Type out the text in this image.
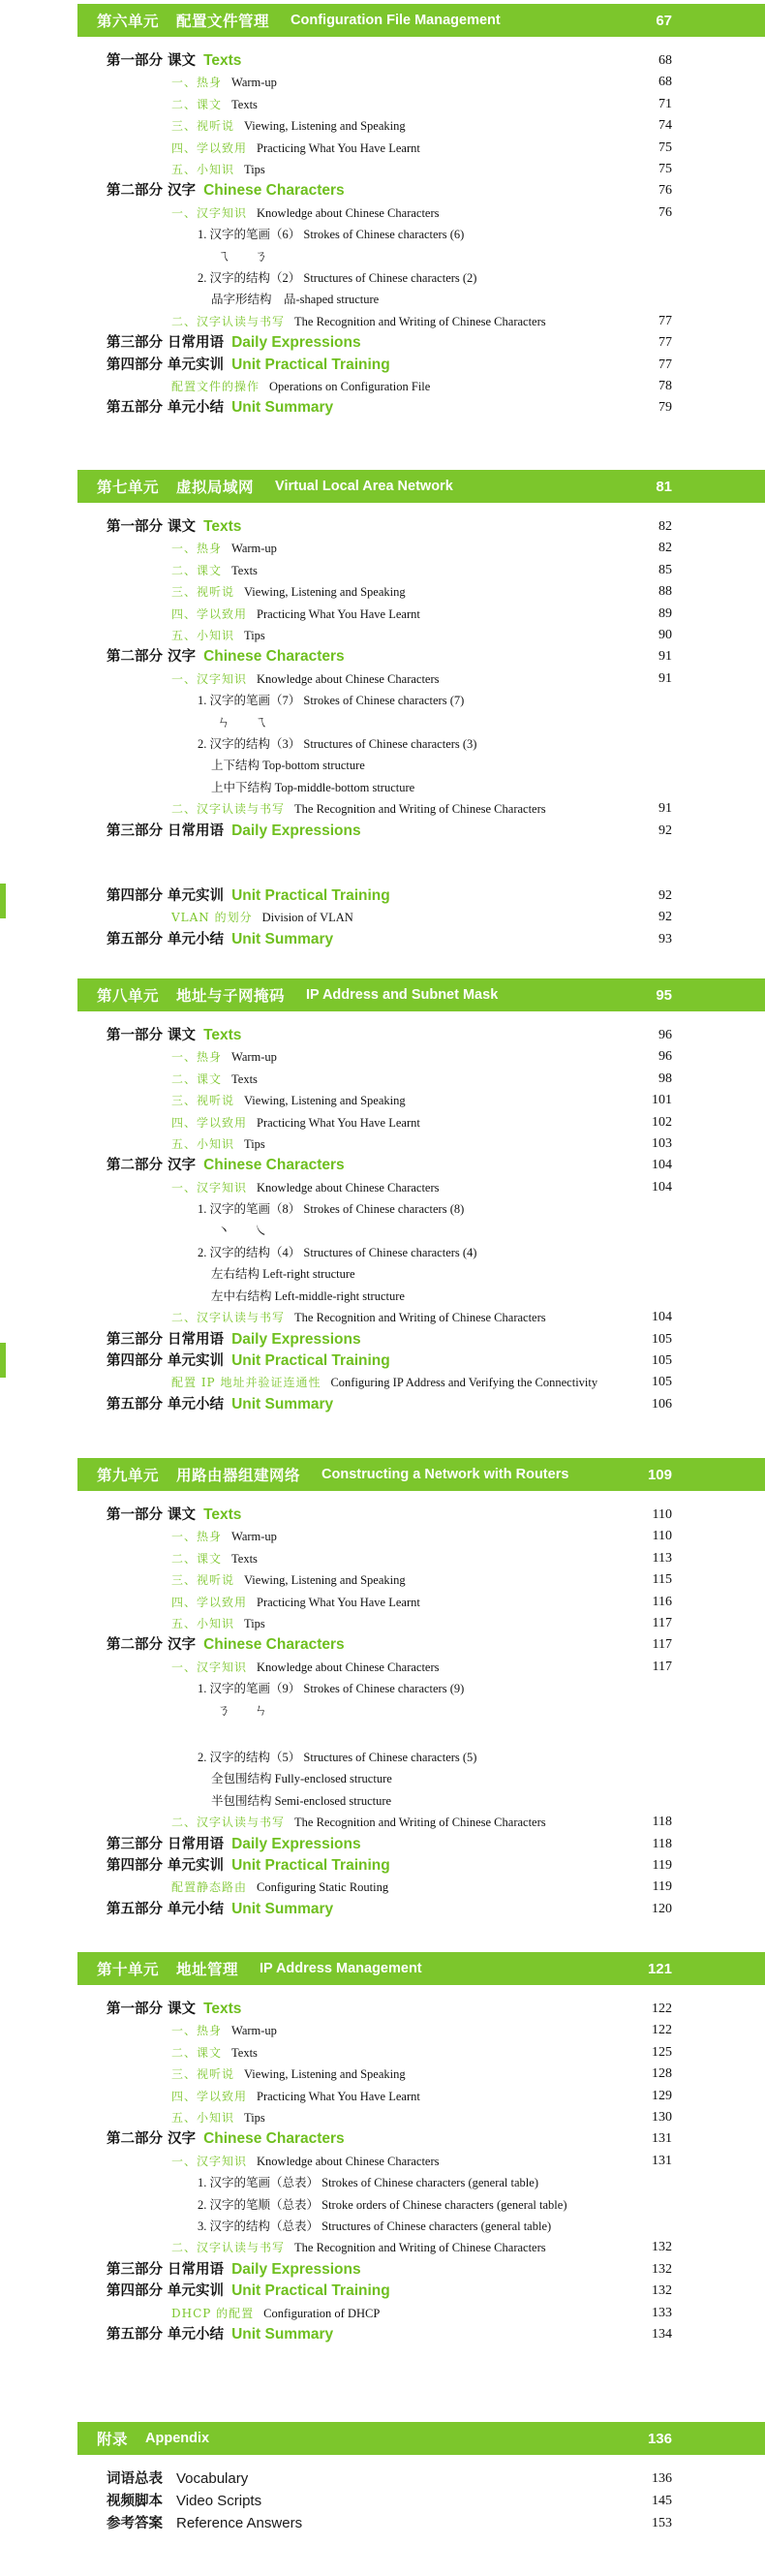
第六单元 配置文件管理 Configuration File Management	67
第一部分 课文 Texts	68
一、热身 Warm-up	68
二、课文 Texts	71
三、视听说 Viewing, Listening and Speaking	74
四、学以致用 Practicing What You Have Learnt	75
五、小知识 Tips	75
第二部分 汉字 Chinese Characters	76
一、汉字知识 Knowledge about Chinese Characters	76
1. 汉字的笔画（6） Strokes of Chinese characters (6)
ㄟ ㄋ
2. 汉字的结构（2） Structures of Chinese characters (2)
品字形结构　品-shaped structure
二、汉字认读与书写 The Recognition and Writing of Chinese Characters	77
第三部分 日常用语 Daily Expressions	77
第四部分 单元实训 Unit Practical Training	77
配置文件的操作 Operations on Configuration File	78
第五部分 单元小结 Unit Summary	79
第七单元 虚拟局域网 Virtual Local Area Network	81
第一部分 课文 Texts	82
一、热身 Warm-up	82
二、课文 Texts	85
三、视听说 Viewing, Listening and Speaking	88
四、学以致用 Practicing What You Have Learnt	89
五、小知识 Tips	90
第二部分 汉字 Chinese Characters	91
一、汉字知识 Knowledge about Chinese Characters	91
1. 汉字的笔画（7） Strokes of Chinese characters (7)
ㄣ ㄟ
2. 汉字的结构（3） Structures of Chinese characters (3)
上下结构 Top-bottom structure
上中下结构 Top-middle-bottom structure
二、汉字认读与书写 The Recognition and Writing of Chinese Characters	91
第三部分 日常用语 Daily Expressions	92
第四部分 单元实训 Unit Practical Training	92
VLAN 的划分 Division of VLAN	92
第五部分 单元小结 Unit Summary	93
第八单元 地址与子网掩码 IP Address and Subnet Mask	95
第一部分 课文 Texts	96
一、热身 Warm-up	96
二、课文 Texts	98
三、视听说 Viewing, Listening and Speaking	101
四、学以致用 Practicing What You Have Learnt	102
五、小知识 Tips	103
第二部分 汉字 Chinese Characters	104
一、汉字知识 Knowledge about Chinese Characters	104
1. 汉字的笔画（8） Strokes of Chinese characters (8)
丶 ㇏
2. 汉字的结构（4） Structures of Chinese characters (4)
左右结构 Left-right structure
左中右结构 Left-middle-right structure
二、汉字认读与书写 The Recognition and Writing of Chinese Characters	104
第三部分 日常用语 Daily Expressions	105
第四部分 单元实训 Unit Practical Training	105
配置 IP 地址并验证连通性 Configuring IP Address and Verifying the Connectivity	105
第五部分 单元小结 Unit Summary	106
第九单元 用路由器组建网络 Constructing a Network with Routers	109
第一部分 课文 Texts	110
一、热身 Warm-up	110
二、课文 Texts	113
三、视听说 Viewing, Listening and Speaking	115
四、学以致用 Practicing What You Have Learnt	116
五、小知识 Tips	117
第二部分 汉字 Chinese Characters	117
一、汉字知识 Knowledge about Chinese Characters	117
1. 汉字的笔画（9） Strokes of Chinese characters (9)
ㄋ ㄣ
2. 汉字的结构（5） Structures of Chinese characters (5)
全包围结构 Fully-enclosed structure
半包围结构 Semi-enclosed structure
二、汉字认读与书写 The Recognition and Writing of Chinese Characters	118
第三部分 日常用语 Daily Expressions	118
第四部分 单元实训 Unit Practical Training	119
配置静态路由 Configuring Static Routing	119
第五部分 单元小结 Unit Summary	120
第十单元 地址管理 IP Address Management	121
第一部分 课文 Texts	122
一、热身 Warm-up	122
二、课文 Texts	125
三、视听说 Viewing, Listening and Speaking	128
四、学以致用 Practicing What You Have Learnt	129
五、小知识 Tips	130
第二部分 汉字 Chinese Characters	131
一、汉字知识 Knowledge about Chinese Characters	131
1. 汉字的笔画（总表） Strokes of Chinese characters (general table)
2. 汉字的笔顺（总表） Stroke orders of Chinese characters (general table)
3. 汉字的结构（总表） Structures of Chinese characters (general table)
二、汉字认读与书写 The Recognition and Writing of Chinese Characters	132
第三部分 日常用语 Daily Expressions	132
第四部分 单元实训 Unit Practical Training	132
DHCP 的配置 Configuration of DHCP	133
第五部分 单元小结 Unit Summary	134
附录 Appendix	136
词语总表 Vocabulary	136
视频脚本 Video Scripts	145
参考答案 Reference Answers	153
